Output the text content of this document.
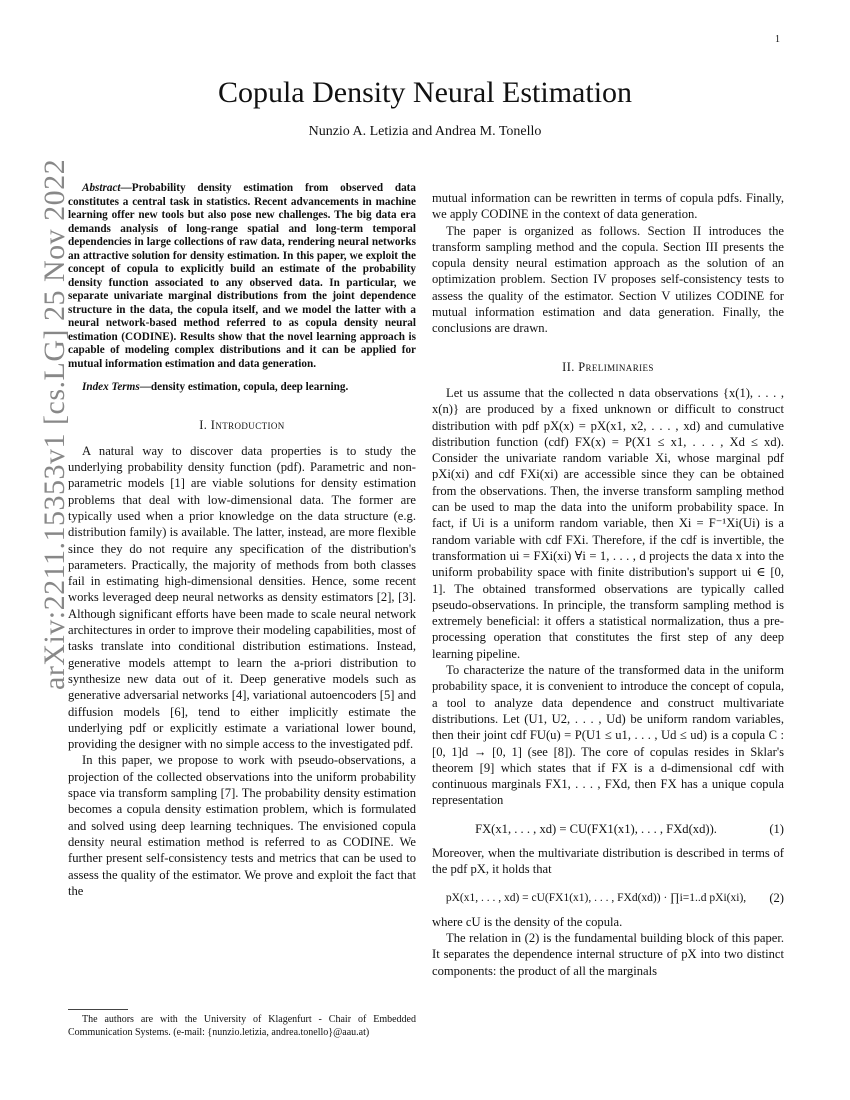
1
arXiv:2211.15353v1 [cs.LG] 25 Nov 2022
Copula Density Neural Estimation
Nunzio A. Letizia and Andrea M. Tonello

Abstract—Probability density estimation from observed data constitutes a central task in statistics. Recent advancements in machine learning offer new tools but also pose new challenges. The big data era demands analysis of long-range spatial and long-term temporal dependencies in large collections of raw data, rendering neural networks an attractive solution for density estimation. In this paper, we exploit the concept of copula to explicitly build an estimate of the probability density function associated to any observed data. In particular, we separate univariate marginal distributions from the joint dependence structure in the data, the copula itself, and we model the latter with a neural network-based method referred to as copula density neural estimation (CODINE). Results show that the novel learning approach is capable of modeling complex distributions and it can be applied for mutual information estimation and data generation.

Index Terms—density estimation, copula, deep learning.

I. Introduction

A natural way to discover data properties is to study the underlying probability density function (pdf). Parametric and non-parametric models [1] are viable solutions for density estimation problems that deal with low-dimensional data. The former are typically used when a prior knowledge on the data structure (e.g. distribution family) is available. The latter, instead, are more flexible since they do not require any specification of the distribution's parameters. Practically, the majority of methods from both classes fail in estimating high-dimensional densities. Hence, some recent works leveraged deep neural networks as density estimators [2], [3]. Although significant efforts have been made to scale neural network architectures in order to improve their modeling capabilities, most of tasks translate into conditional distribution estimations. Instead, generative models attempt to learn the a-priori distribution to synthesize new data out of it. Deep generative models such as generative adversarial networks [4], variational autoencoders [5] and diffusion models [6], tend to either implicitly estimate the underlying pdf or explicitly estimate a variational lower bound, providing the designer with no simple access to the investigated pdf.

In this paper, we propose to work with pseudo-observations, a projection of the collected observations into the uniform probability space via transform sampling [7]. The probability density estimation becomes a copula density estimation problem, which is formulated and solved using deep learning techniques. The envisioned copula density neural estimation method is referred to as CODINE. We further present self-consistency tests and metrics that can be used to assess the quality of the estimator. We prove and exploit the fact that the

The authors are with the University of Klagenfurt - Chair of Embedded Communication Systems. (e-mail: {nunzio.letizia, andrea.tonello}@aau.at)

mutual information can be rewritten in terms of copula pdfs. Finally, we apply CODINE in the context of data generation.

The paper is organized as follows. Section II introduces the transform sampling method and the copula. Section III presents the copula density neural estimation approach as the solution of an optimization problem. Section IV proposes self-consistency tests to assess the quality of the estimator. Section V utilizes CODINE for mutual information estimation and data generation. Finally, the conclusions are drawn.

II. Preliminaries

Let us assume that the collected n data observations {x(1), . . . , x(n)} are produced by a fixed unknown or difficult to construct distribution with pdf pX(x) = pX(x1, x2, . . . , xd) and cumulative distribution function (cdf) FX(x) = P(X1 ≤ x1, . . . , Xd ≤ xd). Consider the univariate random variable Xi, whose marginal pdf pXi(xi) and cdf FXi(xi) are accessible since they can be obtained from the observations. Then, the inverse transform sampling method can be used to map the data into the uniform probability space. In fact, if Ui is a uniform random variable, then Xi = F⁻¹Xi(Ui) is a random variable with cdf FXi. Therefore, if the cdf is invertible, the transformation ui = FXi(xi) ∀i = 1, . . . , d projects the data x into the uniform probability space with finite distribution's support ui ∈ [0, 1]. The obtained transformed observations are typically called pseudo-observations. In principle, the transform sampling method is extremely beneficial: it offers a statistical normalization, thus a pre-processing operation that constitutes the first step of any deep learning pipeline.

To characterize the nature of the transformed data in the uniform probability space, it is convenient to introduce the concept of copula, a tool to analyze data dependence and construct multivariate distributions. Let (U1, U2, . . . , Ud) be uniform random variables, then their joint cdf FU(u) = P(U1 ≤ u1, . . . , Ud ≤ ud) is a copula C : [0, 1]d → [0, 1] (see [8]). The core of copulas resides in Sklar's theorem [9] which states that if FX is a d-dimensional cdf with continuous marginals FX1, . . . , FXd, then FX has a unique copula representation

FX(x1, . . . , xd) = CU(FX1(x1), . . . , FXd(xd)).	(1)

Moreover, when the multivariate distribution is described in terms of the pdf pX, it holds that

pX(x1, . . . , xd) = cU(FX1(x1), . . . , FXd(xd)) · ∏i=1..d pXi(xi),	(2)

where cU is the density of the copula.

The relation in (2) is the fundamental building block of this paper. It separates the dependence internal structure of pX into two distinct components: the product of all the marginals
